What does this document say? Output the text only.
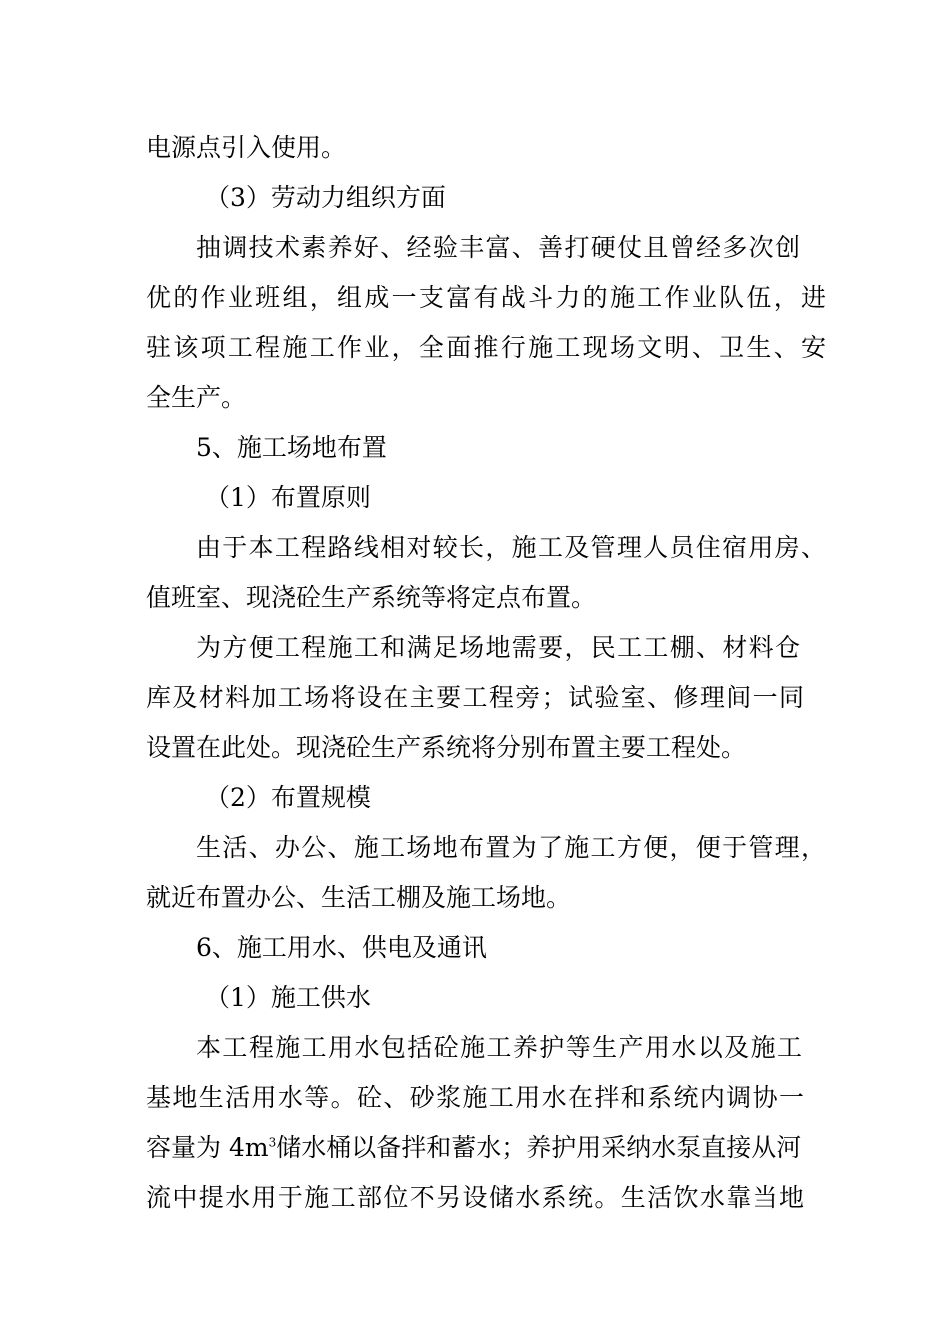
电源点引入使用。
（3）劳动力组织方面
抽调技术素养好、经验丰富、善打硬仗且曾经多次创
优的作业班组，组成一支富有战斗力的施工作业队伍，进
驻该项工程施工作业，全面推行施工现场文明、卫生、安
全生产。
5、施工场地布置
（1）布置原则
由于本工程路线相对较长，施工及管理人员住宿用房、
值班室、现浇砼生产系统等将定点布置。
为方便工程施工和满足场地需要，民工工棚、材料仓
库及材料加工场将设在主要工程旁；试验室、修理间一同
设置在此处。现浇砼生产系统将分别布置主要工程处。
（2）布置规模
生活、办公、施工场地布置为了施工方便，便于管理，
就近布置办公、生活工棚及施工场地。
6、施工用水、供电及通讯
（1）施工供水
本工程施工用水包括砼施工养护等生产用水以及施工
基地生活用水等。砼、砂浆施工用水在拌和系统内调协一
容量为 $4m^3$储水桶以备拌和蓄水；养护用采纳水泵直接从河
流中提水用于施工部位不另设储水系统。生活饮水靠当地
